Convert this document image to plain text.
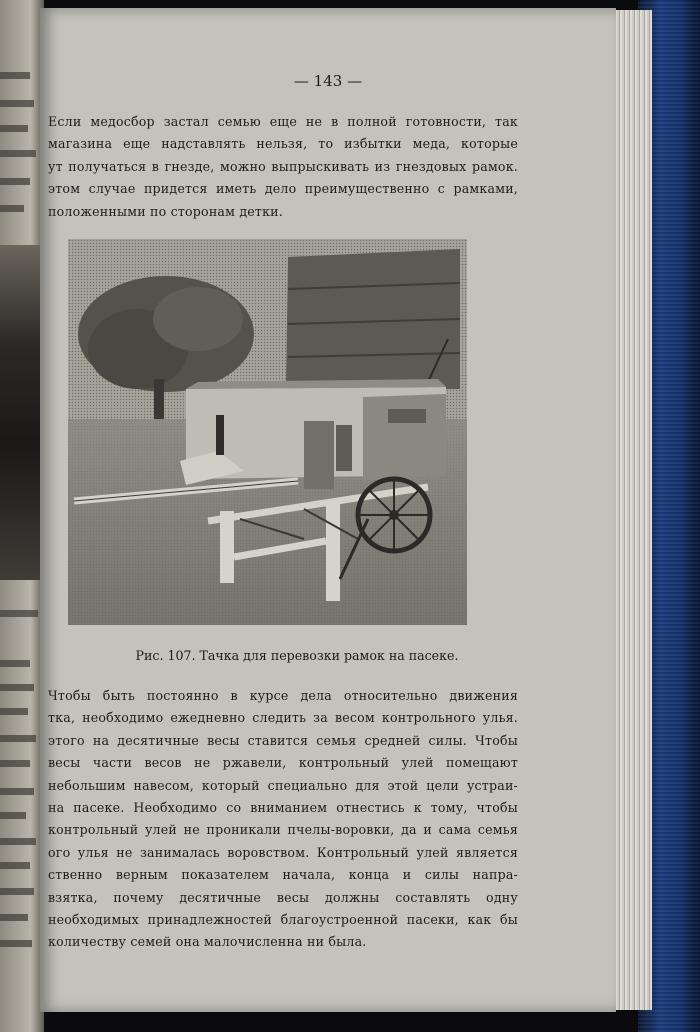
— 143 —
Если медосбор застал семью еще не в полной готовности, так
магазина еще надставлять нельзя, то избытки меда, которые
ут получаться в гнезде, можно выпрыскивать из гнездовых рамок.
этом случае придется иметь дело преимущественно с рамками,
положенными по сторонам детки.
Рис. 107. Тачка для перевозки рамок на пасеке.
Чтобы быть постоянно в курсе дела относительно движения
тка, необходимо ежедневно следить за весом контрольного улья.
этого на десятичные весы ставится семья средней силы. Чтобы
весы части весов не ржавели, контрольный улей помещают
небольшим навесом, который специально для этой цели устраи-
на пасеке. Необходимо со вниманием отнестись к тому, чтобы
контрольный улей не проникали пчелы-воровки, да и сама семья
ого улья не занималась воровством. Контрольный улей является
ственно верным показателем начала, конца и силы напра-
взятка, почему десятичные весы должны составлять одну
необходимых принадлежностей благоустроенной пасеки, как бы
количеству семей она малочисленна ни была.
